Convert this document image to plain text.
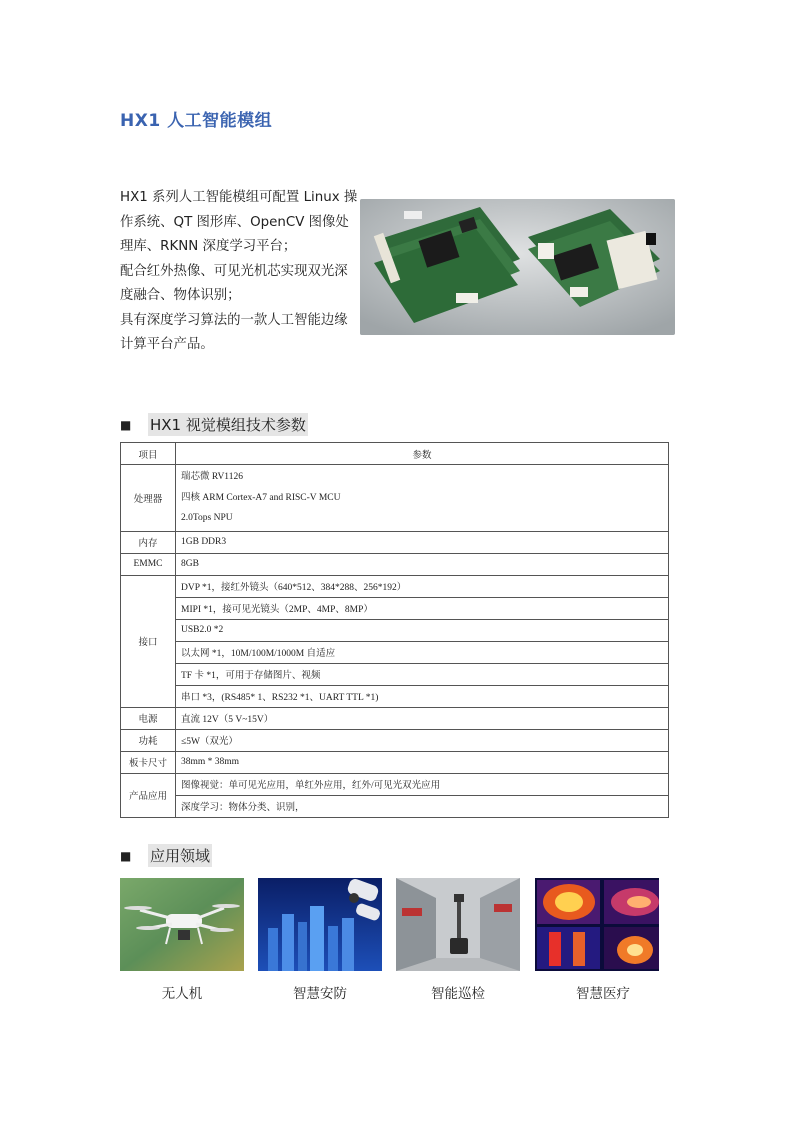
HX1 人工智能模组

HX1 系列人工智能模组可配置 Linux 操作系统、QT 图形库、OpenCV 图像处理库、RKNN 深度学习平台；

配合红外热像、可见光机芯实现双光深度融合、物体识别；

具有深度学习算法的一款人工智能边缘计算平台产品。

■	HX1 视觉模组技术参数
项目	参数
处理器	瑞芯微 RV1126
四核 ARM Cortex-A7 and RISC-V MCU
2.0Tops NPU

内存	1GB DDR3
EMMC	8GB
接口	DVP *1，接红外镜头（640*512、384*288、256*192）
	MIPI *1，接可见光镜头（2MP、4MP、8MP）
	USB2.0 *2
	以太网 *1，10M/100M/1000M 自适应
	TF 卡 *1，可用于存储图片、视频
	串口 *3，(RS485* 1、RS232 *1、UART TTL *1)
电源	直流 12V（5 V~15V）
功耗	≤5W（双光）
板卡尺寸	38mm * 38mm
产品应用	图像视觉：单可见光应用，单红外应用，红外/可见光双光应用
	深度学习：物体分类、识别，
■	应用领域
无人机	智慧安防	智能巡检	智慧医疗
